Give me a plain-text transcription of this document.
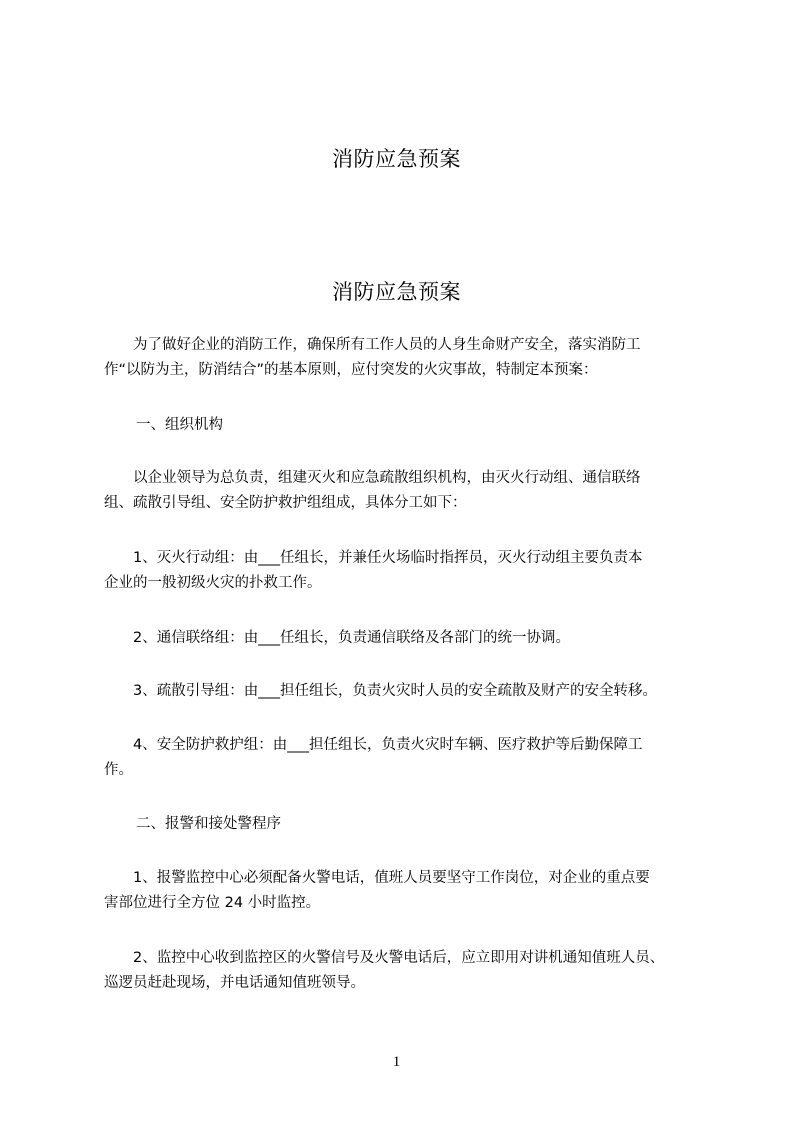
消防应急预案
消防应急预案

　　为了做好企业的消防工作，确保所有工作人员的人身生命财产安全，落实消防工
作“以防为主，防消结合”的基本原则，应付突发的火灾事故，特制定本预案：

一、组织机构

　　以企业领导为总负责，组建灭火和应急疏散组织机构，由灭火行动组、通信联络
组、疏散引导组、安全防护救护组组成，具体分工如下：

　　1、灭火行动组：由___任组长，并兼任火场临时指挥员，灭火行动组主要负责本
企业的一般初级火灾的扑救工作。

　　2、通信联络组：由___任组长，负责通信联络及各部门的统一协调。

　　3、疏散引导组：由___担任组长，负责火灾时人员的安全疏散及财产的安全转移。

　　4、安全防护救护组：由___担任组长，负责火灾时车辆、医疗救护等后勤保障工
作。

二、报警和接处警程序

　　1、报警监控中心必须配备火警电话，值班人员要坚守工作岗位，对企业的重点要
害部位进行全方位 24 小时监控。

　　2、监控中心收到监控区的火警信号及火警电话后，应立即用对讲机通知值班人员、
巡逻员赶赴现场，并电话通知值班领导。

1
